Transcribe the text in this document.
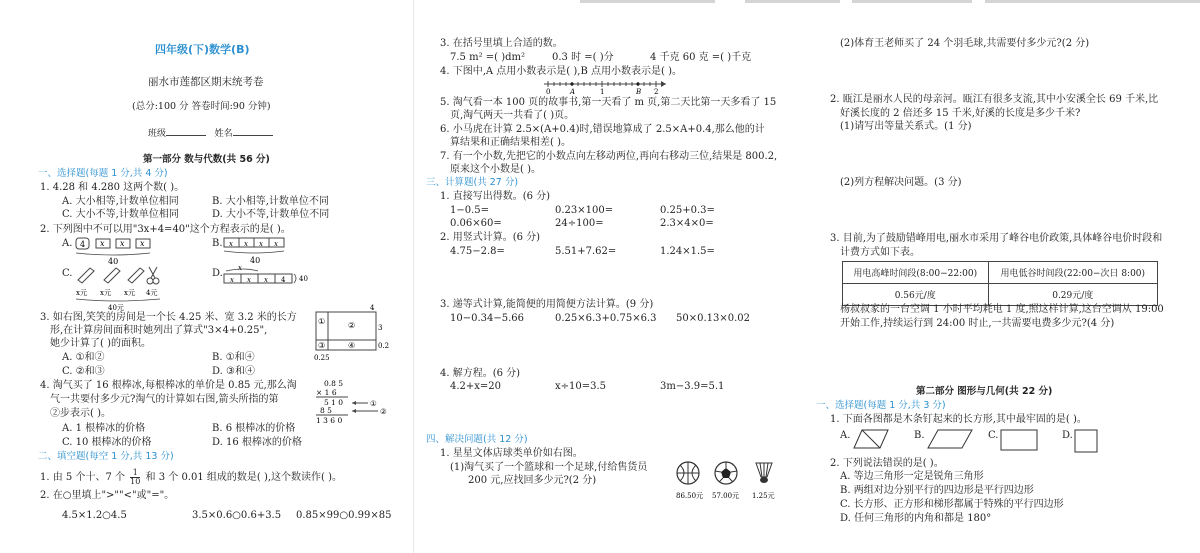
四年级(下)数学(B)
丽水市莲都区期末统考卷
(总分:100 分 答卷时间:90 分钟)
班级	姓名
第一部分 数与代数(共 56 分)
一、选择题(每题 1 分,共 4 分)
1. 4.28 和 4.280 这两个数( )。
A. 大小相等,计数单位相同	B. 大小相等,计数单位不同
C. 大小不等,计数单位相同	D. 大小不等,计数单位不同
2. 下列图中不可以用"3x+4=40"这个方程表示的是( )。
A. 4 x x x
40
B. x x x x
40
C.
x元 x元 x元 4元
40元
D. x
x x x 4 40
3. 如右图,笑笑的房间是一个长 4.25 米、宽 3.2 米的长方
形,在计算房间面积时她列出了算式"3×4+0.25",
她少计算了( )的面积。
A. ①和②	B. ①和④
C. ②和③	D. ③和④
①	②
③	④
4
3
0.2
0.25
4. 淘气买了 16 根棒冰,每根棒冰的单价是 0.85 元,那么淘
气一共要付多少元?淘气的计算如右图,箭头所指的第
②步表示( )。
A. 1 根棒冰的价格	B. 6 根棒冰的价格
C. 10 根棒冰的价格	D. 16 根棒冰的价格
0.8 5
× 1 6
5 1 0
8 5
1 3 6 0
①
②
二、填空题(每空 1 分,共 13 分)
1. 由 5 个十、7 个 $\frac{1}{10}$ 和 3 个 0.01 组成的数是( ),这个数读作( )。
2. 在○里填上">""<"或"="。
4.5×1.2○4.5	3.5×0.6○0.6+3.5 0.85×99○0.99×85
3. 在括号里填上合适的数。
7.5 m² =( )dm²	0.3 时 =( )分	4 千克 60 克 =( )千克
4. 下图中,A 点用小数表示是( ),B 点用小数表示是( )。
0	A	1	B 2
5. 淘气看一本 100 页的故事书,第一天看了 m 页,第二天比第一天多看了 15
页,淘气两天一共看了( )页。
6. 小马虎在计算 2.5×(A+0.4)时,错误地算成了 2.5×A+0.4,那么他的计
算结果和正确结果相差( )。
7. 有一个小数,先把它的小数点向左移动两位,再向右移动三位,结果是 800.2,
原来这个小数是( )。
三、计算题(共 27 分)
1. 直接写出得数。(6 分)
1−0.5=	0.23×100=	0.25+0.3=
0.06×60=	24÷100=	2.3×4×0=
2. 用竖式计算。(6 分)
4.75−2.8=	5.51+7.62=	1.24×1.5=
3. 递等式计算,能简便的用简便方法计算。(9 分)
10−0.34−5.66	0.25×6.3+0.75×6.3 50×0.13×0.02
4. 解方程。(6 分)
4.2+x=20	x÷10=3.5	3m−3.9=5.1
四、解决问题(共 12 分)
1. 星星文体店球类单价如右图。
(1)淘气买了一个篮球和一个足球,付给售货员
200 元,应找回多少元?(2 分)
86.50元 57.00元 1.25元
(2)体育王老师买了 24 个羽毛球,共需要付多少元?(2 分)
2. 瓯江是丽水人民的母亲河。瓯江有很多支流,其中小安溪全长 69 千米,比
好溪长度的 2 倍还多 15 千米,好溪的长度是多少千米?
(1)请写出等量关系式。(1 分)
(2)列方程解决问题。(3 分)
3. 目前,为了鼓励错峰用电,丽水市采用了峰谷电价政策,具体峰谷电价时段和
计费方式如下表。
用电高峰时间段(8:00−22:00)	用电低谷时间段(22:00−次日 8:00)
0.56元/度	0.29元/度
杨叔叔家的一台空调 1 小时平均耗电 1 度,照这样计算,这台空调从 19:00
开始工作,持续运行到 24:00 时止,一共需要电费多少元?(4 分)
第二部分 图形与几何(共 22 分)
一、选择题(每题 1 分,共 3 分)
1. 下面各图都是木条钉起来的长方形,其中最牢固的是( )。
A.	B.	C.	D.
2. 下列说法错误的是( )。
A. 等边三角形一定是锐角三角形
B. 两组对边分别平行的四边形是平行四边形
C. 长方形、正方形和梯形都属于特殊的平行四边形
D. 任何三角形的内角和都是 180°
